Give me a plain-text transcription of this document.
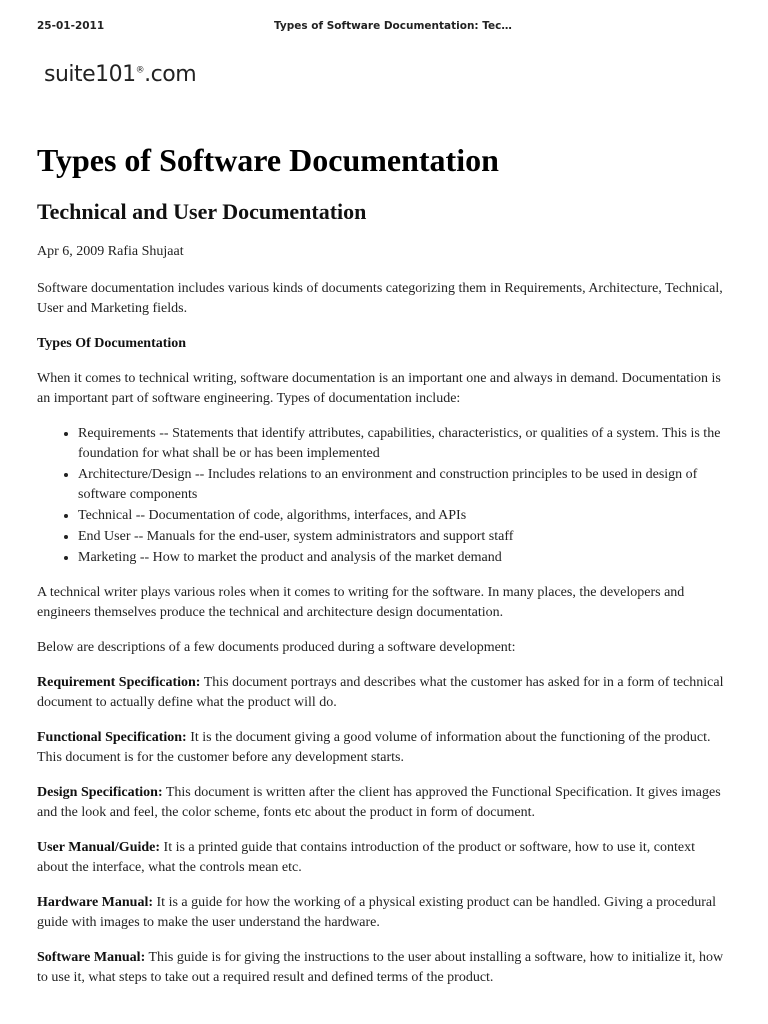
25-01-2011	Types of Software Documentation: Tec…
suite101®.com
Types of Software Documentation
Technical and User Documentation

Apr 6, 2009 Rafia Shujaat

Software documentation includes various kinds of documents categorizing them in Requirements, Architecture, Technical, User and Marketing fields.

Types Of Documentation

When it comes to technical writing, software documentation is an important one and always in demand. Documentation is an important part of software engineering. Types of documentation include:

• Requirements -- Statements that identify attributes, capabilities, characteristics, or qualities of a system. This is the foundation for what shall be or has been implemented
• Architecture/Design -- Includes relations to an environment and construction principles to be used in design of software components
• Technical -- Documentation of code, algorithms, interfaces, and APIs
• End User -- Manuals for the end-user, system administrators and support staff
• Marketing -- How to market the product and analysis of the market demand

A technical writer plays various roles when it comes to writing for the software. In many places, the developers and engineers themselves produce the technical and architecture design documentation.

Below are descriptions of a few documents produced during a software development:

Requirement Specification: This document portrays and describes what the customer has asked for in a form of technical document to actually define what the product will do.

Functional Specification: It is the document giving a good volume of information about the functioning of the product. This document is for the customer before any development starts.

Design Specification: This document is written after the client has approved the Functional Specification. It gives images and the look and feel, the color scheme, fonts etc about the product in form of document.

User Manual/Guide: It is a printed guide that contains introduction of the product or software, how to use it, context about the interface, what the controls mean etc.

Hardware Manual: It is a guide for how the working of a physical existing product can be handled. Giving a procedural guide with images to make the user understand the hardware.

Software Manual: This guide is for giving the instructions to the user about installing a software, how to initialize it, how to use it, what steps to take out a required result and defined terms of the product.
